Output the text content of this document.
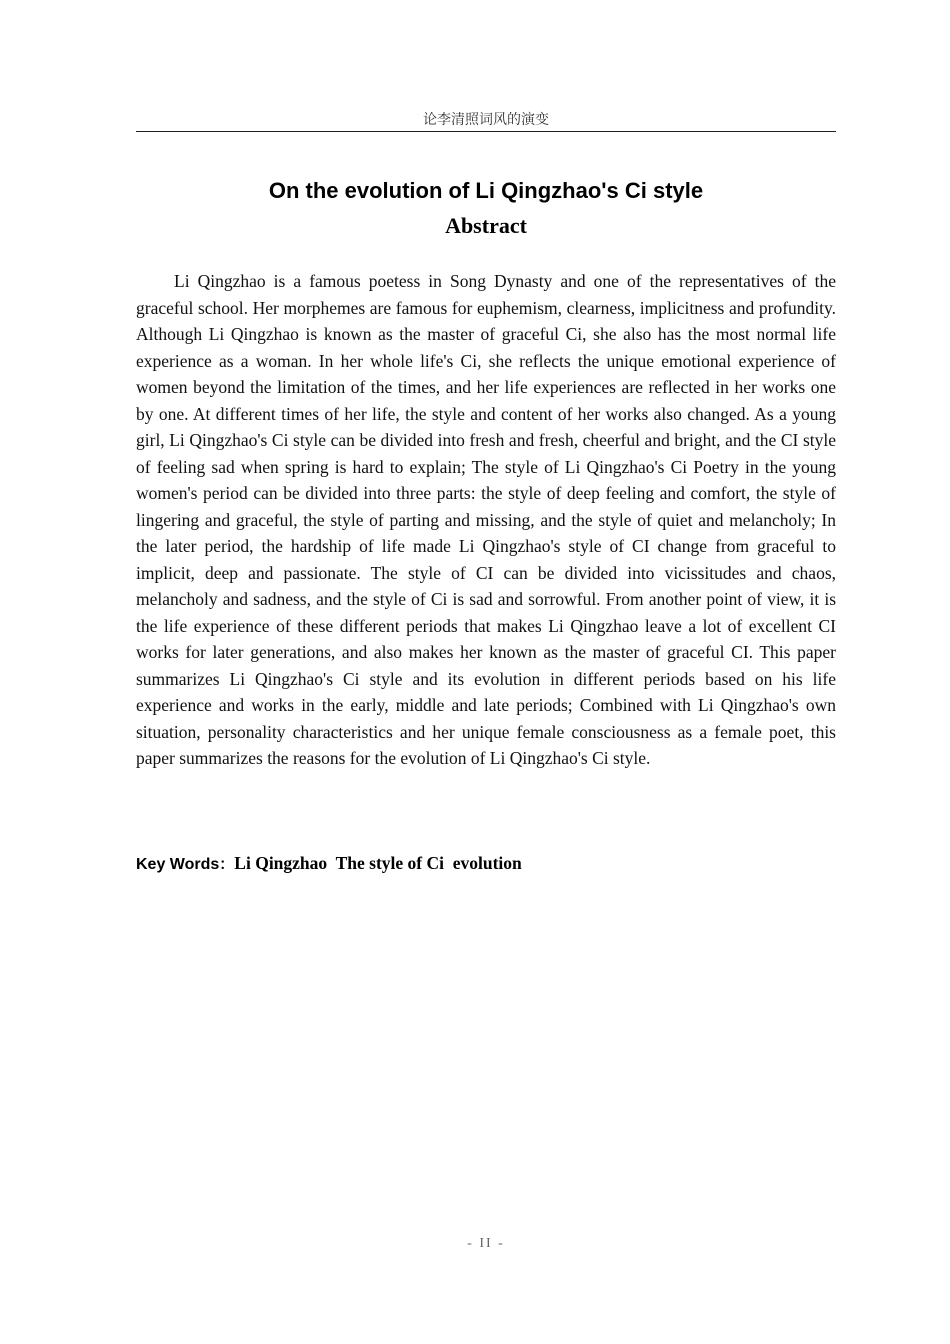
论李清照词风的演变
On the evolution of Li Qingzhao's Ci style
Abstract

Li Qingzhao is a famous poetess in Song Dynasty and one of the representatives of the graceful school. Her morphemes are famous for euphemism, clearness, implicitness and profundity. Although Li Qingzhao is known as the master of graceful Ci, she also has the most normal life experience as a woman. In her whole life's Ci, she reflects the unique emotional experience of women beyond the limitation of the times, and her life experiences are reflected in her works one by one. At different times of her life, the style and content of her works also changed. As a young girl, Li Qingzhao's Ci style can be divided into fresh and fresh, cheerful and bright, and the CI style of feeling sad when spring is hard to explain; The style of Li Qingzhao's Ci Poetry in the young women's period can be divided into three parts: the style of deep feeling and comfort, the style of lingering and graceful, the style of parting and missing, and the style of quiet and melancholy; In the later period, the hardship of life made Li Qingzhao's style of CI change from graceful to implicit, deep and passionate. The style of CI can be divided into vicissitudes and chaos, melancholy and sadness, and the style of Ci is sad and sorrowful. From another point of view, it is the life experience of these different periods that makes Li Qingzhao leave a lot of excellent CI works for later generations, and also makes her known as the master of graceful CI. This paper summarizes Li Qingzhao's Ci style and its evolution in different periods based on his life experience and works in the early, middle and late periods; Combined with Li Qingzhao's own situation, personality characteristics and her unique female consciousness as a female poet, this paper summarizes the reasons for the evolution of Li Qingzhao's Ci style.

Key Words：Li Qingzhao  The style of Ci  evolution
- II -
